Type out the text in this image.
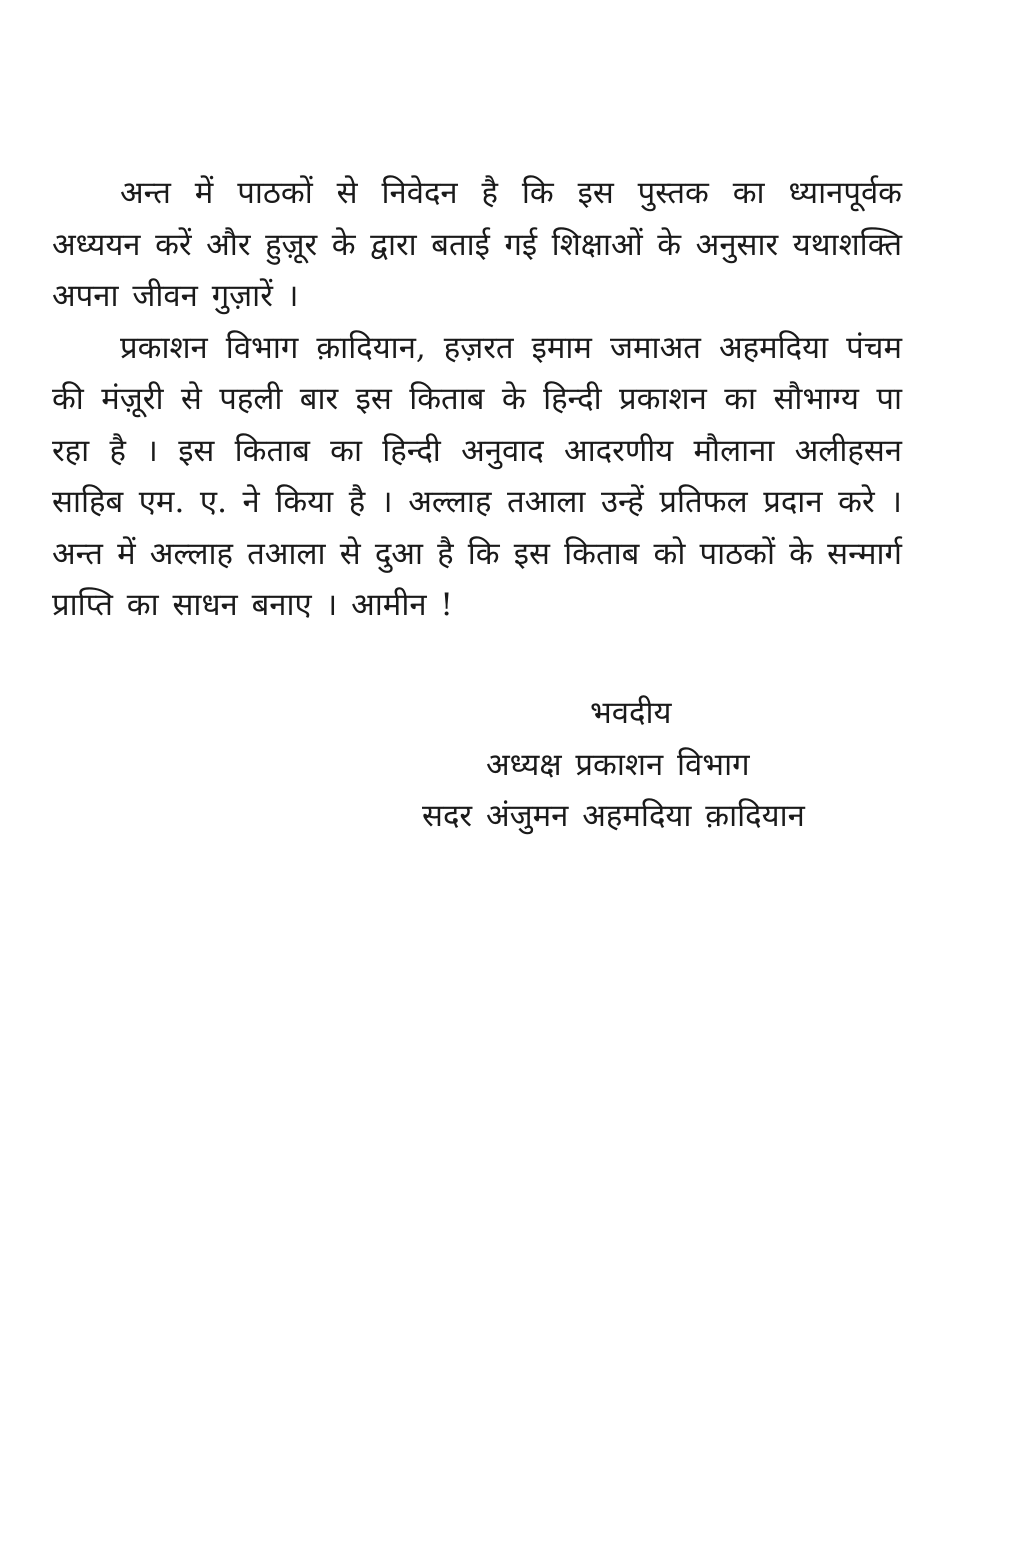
अन्त में पाठकों से निवेदन है कि इस पुस्तक का ध्यानपूर्वक अध्ययन करें और हुज़ूर के द्वारा बताई गई शिक्षाओं के अनुसार यथाशक्ति अपना जीवन गुज़ारें ।

प्रकाशन विभाग क़ादियान, हज़रत इमाम जमाअत अहमदिया पंचम की मंज़ूरी से पहली बार इस किताब के हिन्दी प्रकाशन का सौभाग्य पा रहा है । इस किताब का हिन्दी अनुवाद आदरणीय मौलाना अलीहसन साहिब एम. ए. ने किया है । अल्लाह तआला उन्हें प्रतिफल प्रदान करे । अन्त में अल्लाह तआला से दुआ है कि इस किताब को पाठकों के सन्मार्ग प्राप्ति का साधन बनाए । आमीन !

भवदीय
अध्यक्ष प्रकाशन विभाग
सदर अंजुमन अहमदिया क़ादियान
